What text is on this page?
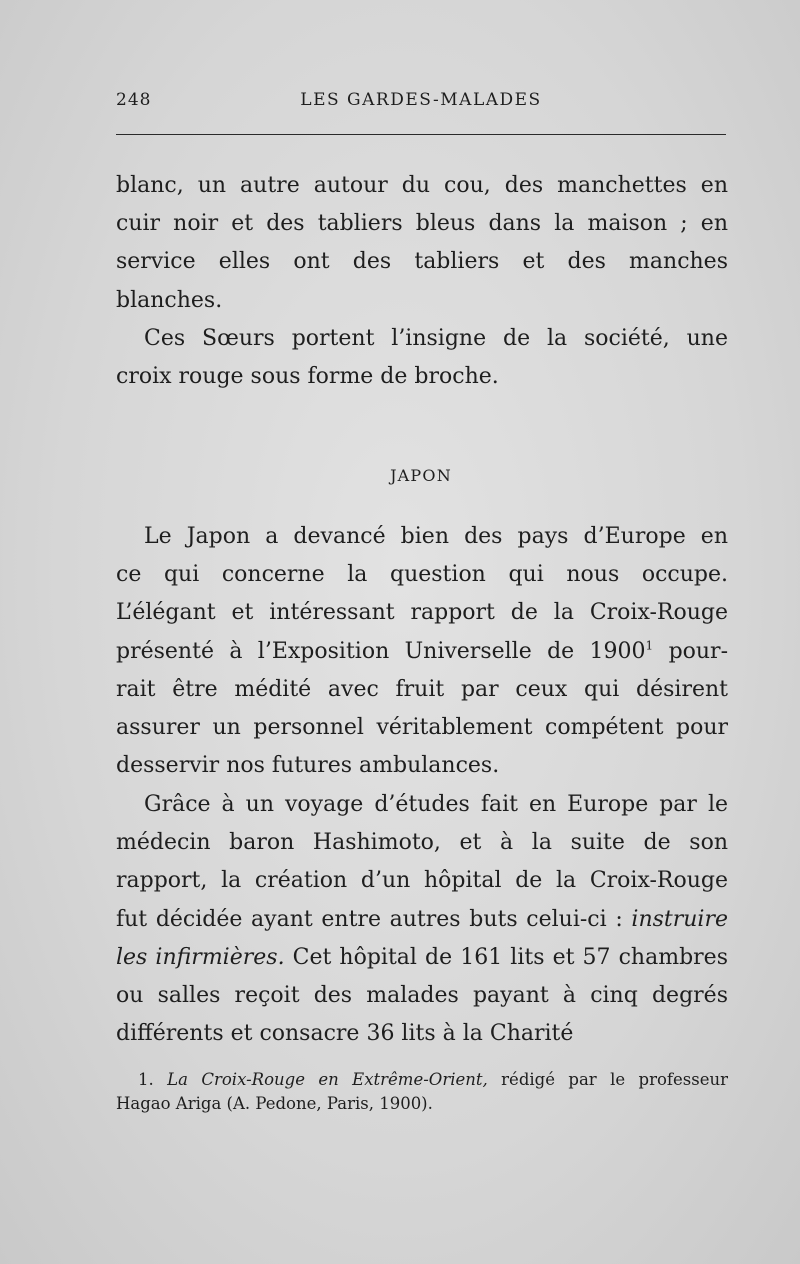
248	LES GARDES-MALADES
blanc, un autre autour du cou, des manchettes en
cuir noir et des tabliers bleus dans la maison ; en
service elles ont des tabliers et des manches
blanches.
Ces Sœurs portent l’insigne de la société, une
croix rouge sous forme de broche.
JAPON
Le Japon a devancé bien des pays d’Europe en
ce qui concerne la question qui nous occupe.
L’élégant et intéressant rapport de la Croix-Rouge
présenté à l’Exposition Universelle de 1900$^1$ pour-
rait être médité avec fruit par ceux qui désirent
assurer un personnel véritablement compétent pour
desservir nos futures ambulances.
Grâce à un voyage d’études fait en Europe par le
médecin baron Hashimoto, et à la suite de son
rapport, la création d’un hôpital de la Croix-Rouge
fut décidée ayant entre autres buts celui-ci : instruire
les infirmières. Cet hôpital de 161 lits et 57 chambres
ou salles reçoit des malades payant à cinq degrés
différents et consacre 36 lits à la Charité
1. La Croix-Rouge en Extrême-Orient, rédigé par le professeur
Hagao Ariga (A. Pedone, Paris, 1900).
